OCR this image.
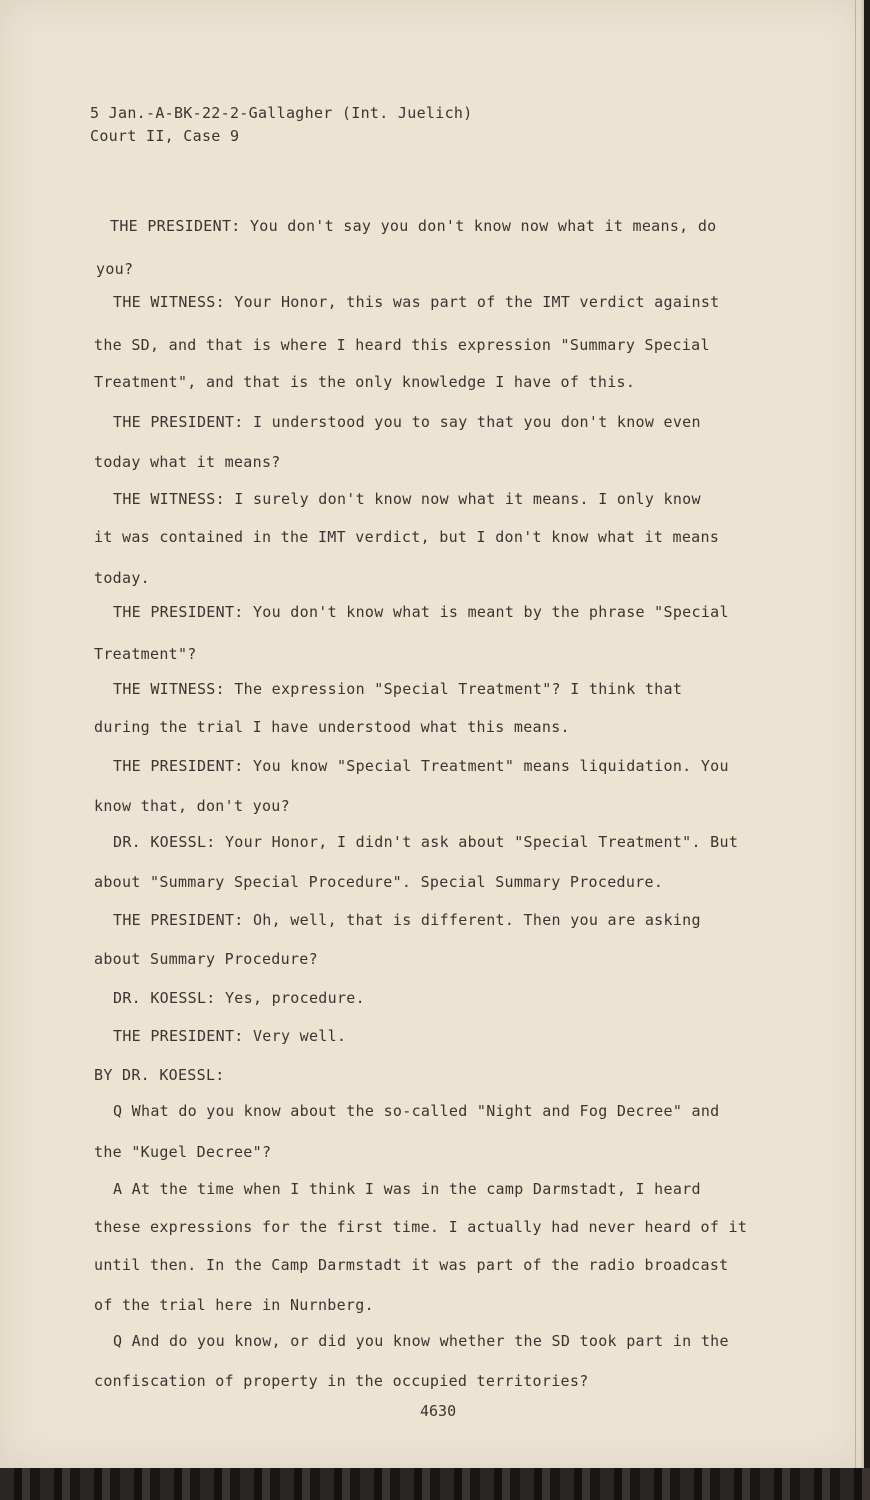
5 Jan.-A-BK-22-2-Gallagher (Int. Juelich)
Court II, Case 9
THE PRESIDENT: You don't say you don't know now what it means, do
you?
THE WITNESS: Your Honor, this was part of the IMT verdict against
the SD, and that is where I heard this expression "Summary Special
Treatment", and that is the only knowledge I have of this.
THE PRESIDENT: I understood you to say that you don't know even
today what it means?
THE WITNESS: I surely don't know now what it means. I only know
it was contained in the IMT verdict, but I don't know what it means
today.
THE PRESIDENT: You don't know what is meant by the phrase "Special
Treatment"?
THE WITNESS: The expression "Special Treatment"? I think that
during the trial I have understood what this means.
THE PRESIDENT: You know "Special Treatment" means liquidation. You
know that, don't you?
DR. KOESSL: Your Honor, I didn't ask about "Special Treatment". But
about "Summary Special Procedure". Special Summary Procedure.
THE PRESIDENT: Oh, well, that is different. Then you are asking
about Summary Procedure?
DR. KOESSL: Yes, procedure.
THE PRESIDENT: Very well.
BY DR. KOESSL:
Q What do you know about the so-called "Night and Fog Decree" and
the "Kugel Decree"?
A At the time when I think I was in the camp Darmstadt, I heard
these expressions for the first time. I actually had never heard of it
until then. In the Camp Darmstadt it was part of the radio broadcast
of the trial here in Nurnberg.
Q And do you know, or did you know whether the SD took part in the
confiscation of property in the occupied territories?
4630
